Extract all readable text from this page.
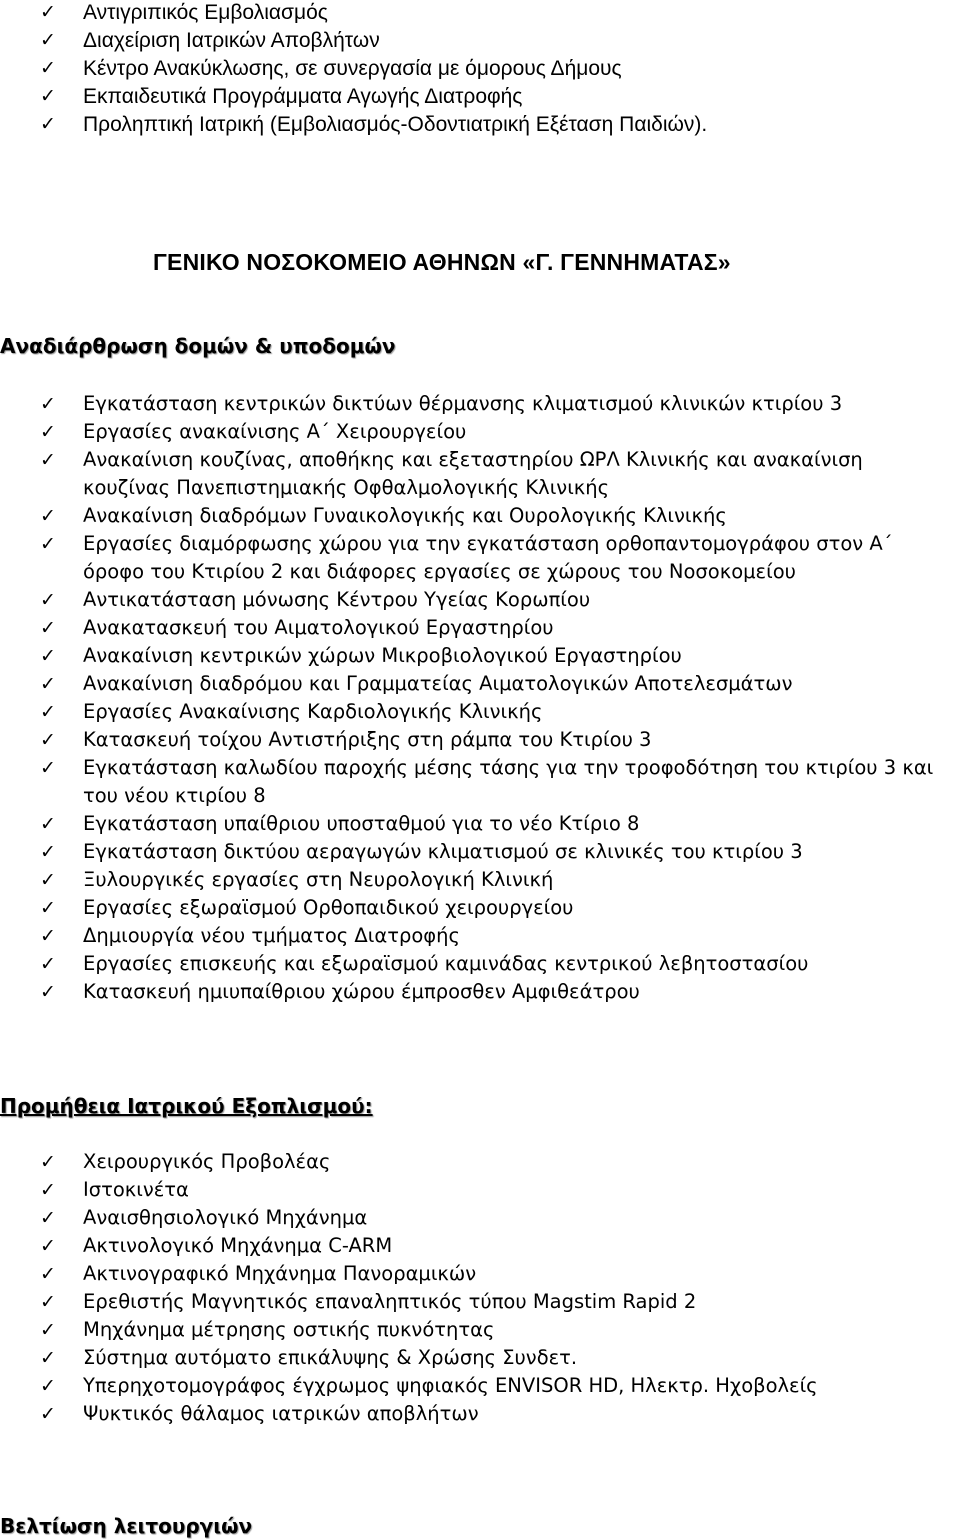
✓	Αντιγριπικός Εμβολιασμός
✓	Διαχείριση Ιατρικών Αποβλήτων
✓	Κέντρο Ανακύκλωσης, σε συνεργασία με όμορους Δήμους
✓	Εκπαιδευτικά Προγράμματα Αγωγής Διατροφής
✓	Προληπτική Ιατρική (Εμβολιασμός-Οδοντιατρική Εξέταση Παιδιών).
ΓΕΝΙΚΟ ΝΟΣΟΚΟΜΕΙΟ ΑΘΗΝΩΝ «Γ. ΓΕΝΝΗΜΑΤΑΣ»
Αναδιάρθρωση δομών & υποδομών
✓	Εγκατάσταση κεντρικών δικτύων θέρμανσης κλιματισμού κλινικών κτιρίου 3
✓	Εργασίες ανακαίνισης Α΄ Χειρουργείου
✓	Ανακαίνιση κουζίνας, αποθήκης και εξεταστηρίου ΩΡΛ Κλινικής και ανακαίνιση κουζίνας Πανεπιστημιακής Οφθαλμολογικής Κλινικής
✓	Ανακαίνιση διαδρόμων Γυναικολογικής και Ουρολογικής Κλινικής
✓	Εργασίες διαμόρφωσης χώρου για την εγκατάσταση ορθοπαντομογράφου στον Α΄ όροφο του Κτιρίου 2 και διάφορες εργασίες σε χώρους του Νοσοκομείου
✓	Αντικατάσταση μόνωσης Κέντρου Υγείας Κορωπίου
✓	Ανακατασκευή του Αιματολογικού Εργαστηρίου
✓	Ανακαίνιση κεντρικών χώρων Μικροβιολογικού Εργαστηρίου
✓	Ανακαίνιση διαδρόμου και Γραμματείας Αιματολογικών Αποτελεσμάτων
✓	Εργασίες Ανακαίνισης Καρδιολογικής Κλινικής
✓	Κατασκευή τοίχου Αντιστήριξης στη ράμπα του Κτιρίου 3
✓	Εγκατάσταση καλωδίου παροχής μέσης τάσης για την τροφοδότηση του κτιρίου 3 και του νέου κτιρίου 8
✓	Εγκατάσταση υπαίθριου υποσταθμού για το νέο Κτίριο 8
✓	Εγκατάσταση δικτύου αεραγωγών κλιματισμού σε κλινικές του κτιρίου 3
✓	Ξυλουργικές εργασίες στη Νευρολογική Κλινική
✓	Εργασίες εξωραϊσμού Ορθοπαιδικού χειρουργείου
✓	Δημιουργία νέου τμήματος Διατροφής
✓	Εργασίες επισκευής και εξωραϊσμού καμινάδας κεντρικού λεβητοστασίου
✓	Κατασκευή ημιυπαίθριου χώρου έμπροσθεν Αμφιθεάτρου
Προμήθεια Ιατρικού Εξοπλισμού:
✓	Χειρουργικός Προβολέας
✓	Ιστοκινέτα
✓	Αναισθησιολογικό Μηχάνημα
✓	Ακτινολογικό Μηχάνημα C-ARM
✓	Ακτινογραφικό Μηχάνημα Πανοραμικών
✓	Ερεθιστής Μαγνητικός επαναληπτικός τύπου Magstim Rapid 2
✓	Μηχάνημα μέτρησης οστικής πυκνότητας
✓	Σύστημα αυτόματο επικάλυψης & Χρώσης Συνδετ.
✓	Υπερηχοτομογράφος έγχρωμος ψηφιακός ENVISOR HD, Ηλεκτρ. Ηχοβολείς
✓	Ψυκτικός θάλαμος ιατρικών αποβλήτων
Βελτίωση λειτουργιών
